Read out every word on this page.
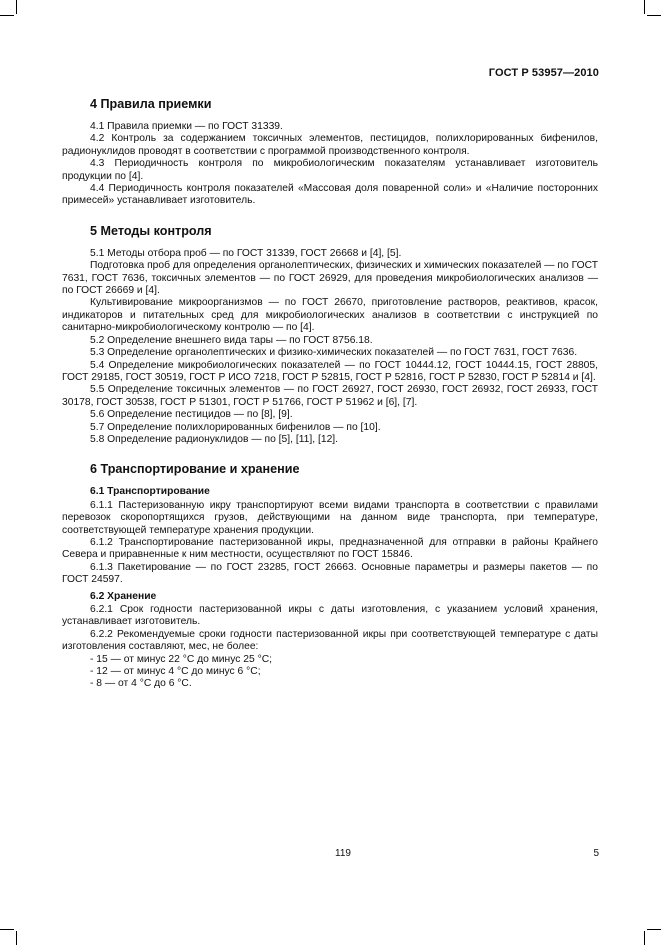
ГОСТ Р 53957—2010
4 Правила приемки

4.1 Правила приемки — по ГОСТ 31339.

4.2 Контроль за содержанием токсичных элементов, пестицидов, полихлорированных бифенилов, радионуклидов проводят в соответствии с программой производственного контроля.

4.3 Периодичность контроля по микробиологическим показателям устанавливает изготовитель продукции по [4].

4.4 Периодичность контроля показателей «Массовая доля поваренной соли» и «Наличие посторонних примесей» устанавливает изготовитель.

5 Методы контроля

5.1 Методы отбора проб — по ГОСТ 31339, ГОСТ 26668 и [4], [5].

Подготовка проб для определения органолептических, физических и химических показателей — по ГОСТ 7631, ГОСТ 7636, токсичных элементов — по ГОСТ 26929, для проведения микробиологических анализов — по ГОСТ 26669 и [4].

Культивирование микроорганизмов — по ГОСТ 26670, приготовление растворов, реактивов, красок, индикаторов и питательных сред для микробиологических анализов в соответствии с инструкцией по санитарно-микробиологическому контролю — по [4].

5.2 Определение внешнего вида тары — по ГОСТ 8756.18.

5.3 Определение органолептических и физико-химических показателей — по ГОСТ 7631, ГОСТ 7636.

5.4 Определение микробиологических показателей — по ГОСТ 10444.12, ГОСТ 10444.15, ГОСТ 28805, ГОСТ 29185, ГОСТ 30519, ГОСТ Р ИСО 7218, ГОСТ Р 52815, ГОСТ Р 52816, ГОСТ Р 52830, ГОСТ Р 52814 и [4].

5.5 Определение токсичных элементов — по ГОСТ 26927, ГОСТ 26930, ГОСТ 26932, ГОСТ 26933, ГОСТ 30178, ГОСТ 30538, ГОСТ Р 51301, ГОСТ Р 51766, ГОСТ Р 51962 и [6], [7].

5.6 Определение пестицидов — по [8], [9].

5.7 Определение полихлорированных бифенилов — по [10].

5.8 Определение радионуклидов — по [5], [11], [12].

6 Транспортирование и хранение
6.1 Транспортирование

6.1.1 Пастеризованную икру транспортируют всеми видами транспорта в соответствии с правилами перевозок скоропортящихся грузов, действующими на данном виде транспорта, при температуре, соответствующей температуре хранения продукции.

6.1.2 Транспортирование пастеризованной икры, предназначенной для отправки в районы Крайнего Севера и приравненные к ним местности, осуществляют по ГОСТ 15846.

6.1.3 Пакетирование — по ГОСТ 23285, ГОСТ 26663. Основные параметры и размеры пакетов — по ГОСТ 24597.

6.2 Хранение

6.2.1 Срок годности пастеризованной икры с даты изготовления, с указанием условий хранения, устанавливает изготовитель.

6.2.2 Рекомендуемые сроки годности пастеризованной икры при соответствующей температуре с даты изготовления составляют, мес, не более:

- 15 — от минус 22 °С до минус 25 °С;
- 12 — от минус 4 °С до минус 6 °С;
- 8 — от 4 °С до 6 °С.
119	5
